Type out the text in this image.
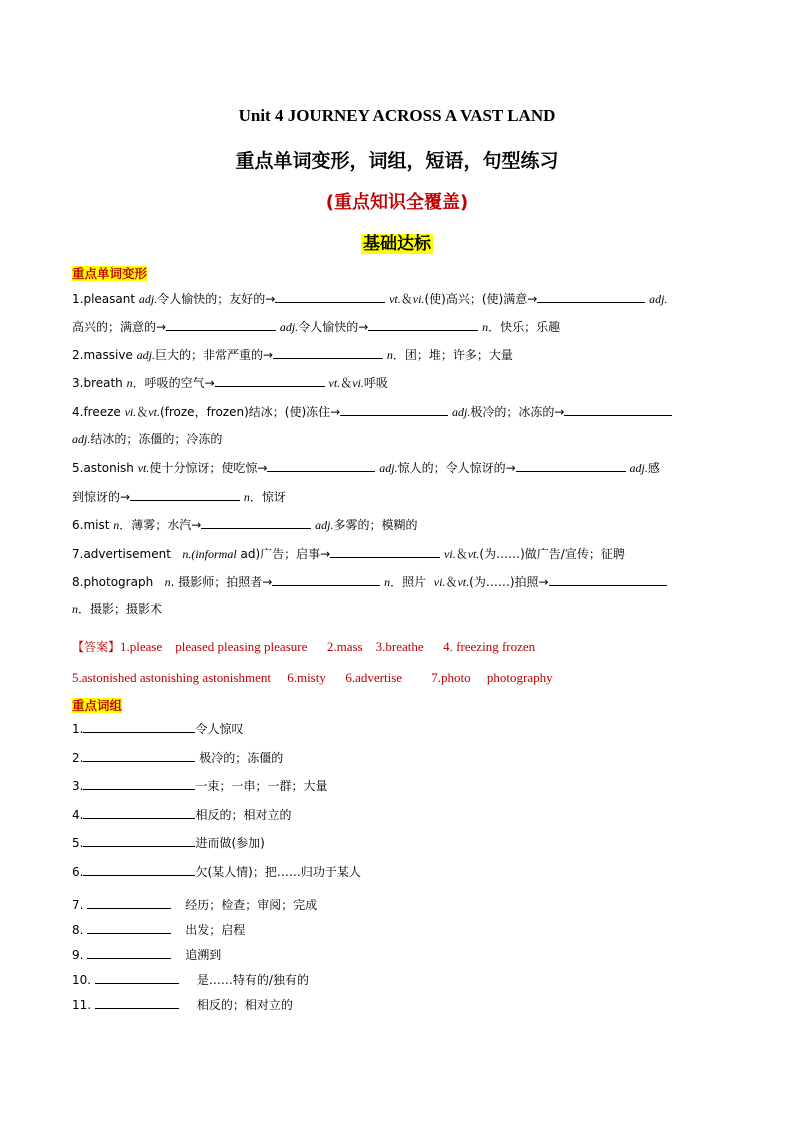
Unit 4 JOURNEY ACROSS A VAST LAND
重点单词变形，词组，短语，句型练习
(重点知识全覆盖)
基础达标
重点单词变形
1.pleasant adj.令人愉快的；友好的→	vt.＆vi.(使)高兴；(使)满意→	adj.
高兴的；满意的→	adj.令人愉快的→	n．快乐；乐趣
2.massive adj.巨大的；非常严重的→	n．团；堆；许多；大量
3.breath n．呼吸的空气→	vt.＆vi.呼吸
4.freeze vi.＆vt.(froze，frozen)结冰；(使)冻住→	adj.极冷的；冰冻的→
adj.结冰的；冻僵的；冷冻的
5.astonish vt.使十分惊讶；使吃惊→	adj.惊人的；令人惊讶的→	adj.感
到惊讶的→	n．惊讶
6.mist n．薄雾；水汽→	adj.多雾的；模糊的
7.advertisement   n.(informal ad)广告；启事→	vi.＆vt.(为……)做广告/宣传；征聘
8.photograph   n. 摄影师；拍照者→	n．照片  vi.＆vt.(为……)拍照→
n．摄影；摄影术
【答案】1.please    pleased pleasing pleasure      2.mass    3.breathe      4. freezing frozen
5.astonished astonishing astonishment     6.misty      6.advertise         7.photo     photography
重点词组
1.	令人惊叹
2.	极冷的；冻僵的
3.	一束；一串；一群；大量
4.	相反的；相对立的
5.	进而做(参加)
6.	欠(某人情)；把……归功于某人
7.	经历；检查；审阅；完成
8.	出发；启程
9.	追溯到
10.	是……特有的/独有的
11.	相反的；相对立的
